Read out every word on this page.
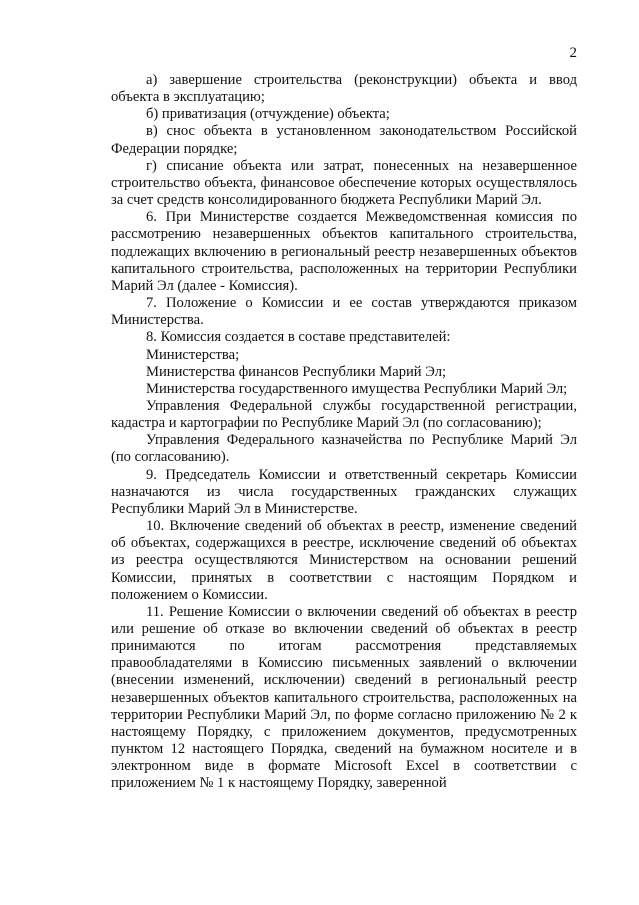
2

а) завершение строительства (реконструкции) объекта и ввод объекта в эксплуатацию;

б) приватизация (отчуждение) объекта;

в) снос объекта в установленном законодательством Российской Федерации порядке;

г) списание объекта или затрат, понесенных на незавершенное строительство объекта, финансовое обеспечение которых осуществлялось за счет средств консолидированного бюджета Республики Марий Эл.

6. При Министерстве создается Межведомственная комиссия по рассмотрению незавершенных объектов капитального строительства, подлежащих включению в региональный реестр незавершенных объектов капитального строительства, расположенных на территории Республики Марий Эл (далее - Комиссия).

7. Положение о Комиссии и ее состав утверждаются приказом Министерства.

8. Комиссия создается в составе представителей:

Министерства;

Министерства финансов Республики Марий Эл;

Министерства государственного имущества Республики Марий Эл;

Управления Федеральной службы государственной регистрации, кадастра и картографии по Республике Марий Эл (по согласованию);

Управления Федерального казначейства по Республике Марий Эл (по согласованию).

9. Председатель Комиссии и ответственный секретарь Комиссии назначаются из числа государственных гражданских служащих Республики Марий Эл в Министерстве.

10. Включение сведений об объектах в реестр, изменение сведений об объектах, содержащихся в реестре, исключение сведений об объектах из реестра осуществляются Министерством на основании решений Комиссии, принятых в соответствии с настоящим Порядком и положением о Комиссии.

11. Решение Комиссии о включении сведений об объектах в реестр или решение об отказе во включении сведений об объектах в реестр принимаются по итогам рассмотрения представляемых правообладателями в Комиссию письменных заявлений о включении (внесении изменений, исключении) сведений в региональный реестр незавершенных объектов капитального строительства, расположенных на территории Республики Марий Эл, по форме согласно приложению № 2 к настоящему Порядку, с приложением документов, предусмотренных пунктом 12 настоящего Порядка, сведений на бумажном носителе и в электронном виде в формате Microsoft Excel в соответствии с приложением № 1 к настоящему Порядку, заверенной
